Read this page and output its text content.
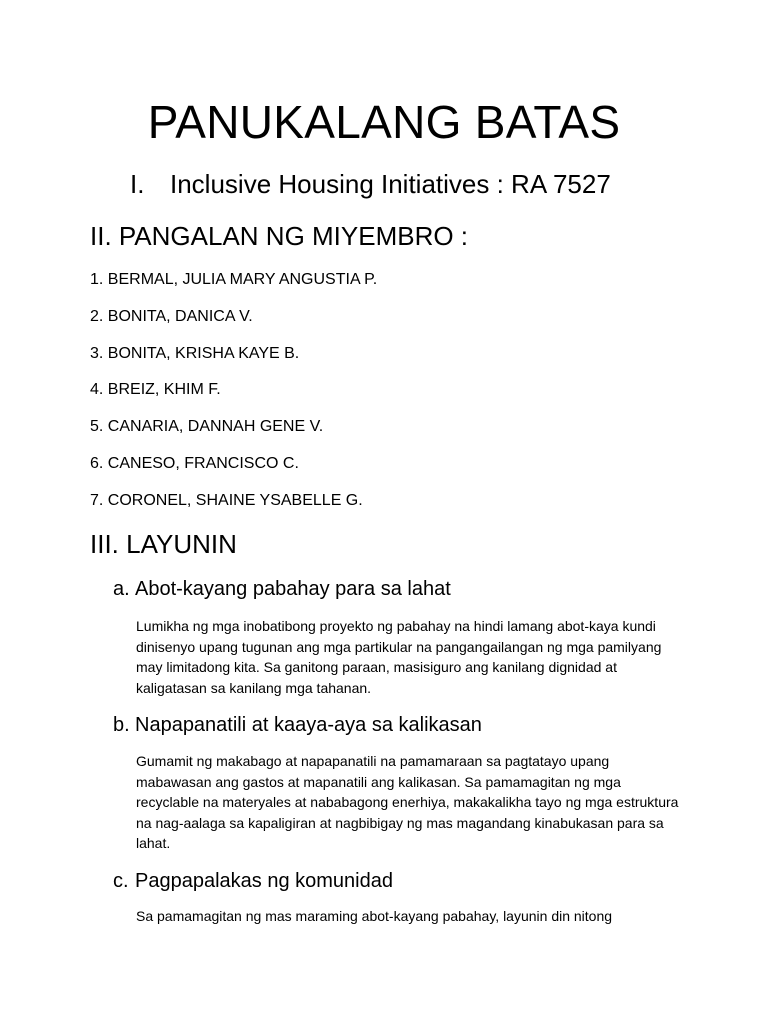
PANUKALANG BATAS
I. Inclusive Housing Initiatives : RA 7527
II. PANGALAN NG MIYEMBRO :
1. BERMAL, JULIA MARY ANGUSTIA P.
2. BONITA, DANICA V.
3. BONITA, KRISHA KAYE B.
4. BREIZ, KHIM F.
5. CANARIA, DANNAH GENE V.
6. CANESO, FRANCISCO C.
7. CORONEL, SHAINE YSABELLE G.
III. LAYUNIN
a. Abot-kayang pabahay para sa lahat
Lumikha ng mga inobatibong proyekto ng pabahay na hindi lamang abot-kaya kundi dinisenyo upang tugunan ang mga partikular na pangangailangan ng mga pamilyang may limitadong kita. Sa ganitong paraan, masisiguro ang kanilang dignidad at kaligatasan sa kanilang mga tahanan.
b. Napapanatili at kaaya-aya sa kalikasan
Gumamit ng makabago at napapanatili na pamamaraan sa pagtatayo upang mabawasan ang gastos at mapanatili ang kalikasan. Sa pamamagitan ng mga recyclable na materyales at nababagong enerhiya, makakalikha tayo ng mga estruktura na nag-aalaga sa kapaligiran at nagbibigay ng mas magandang kinabukasan para sa lahat.
c. Pagpapalakas ng komunidad
Sa pamamagitan ng mas maraming abot-kayang pabahay, layunin din nitong
